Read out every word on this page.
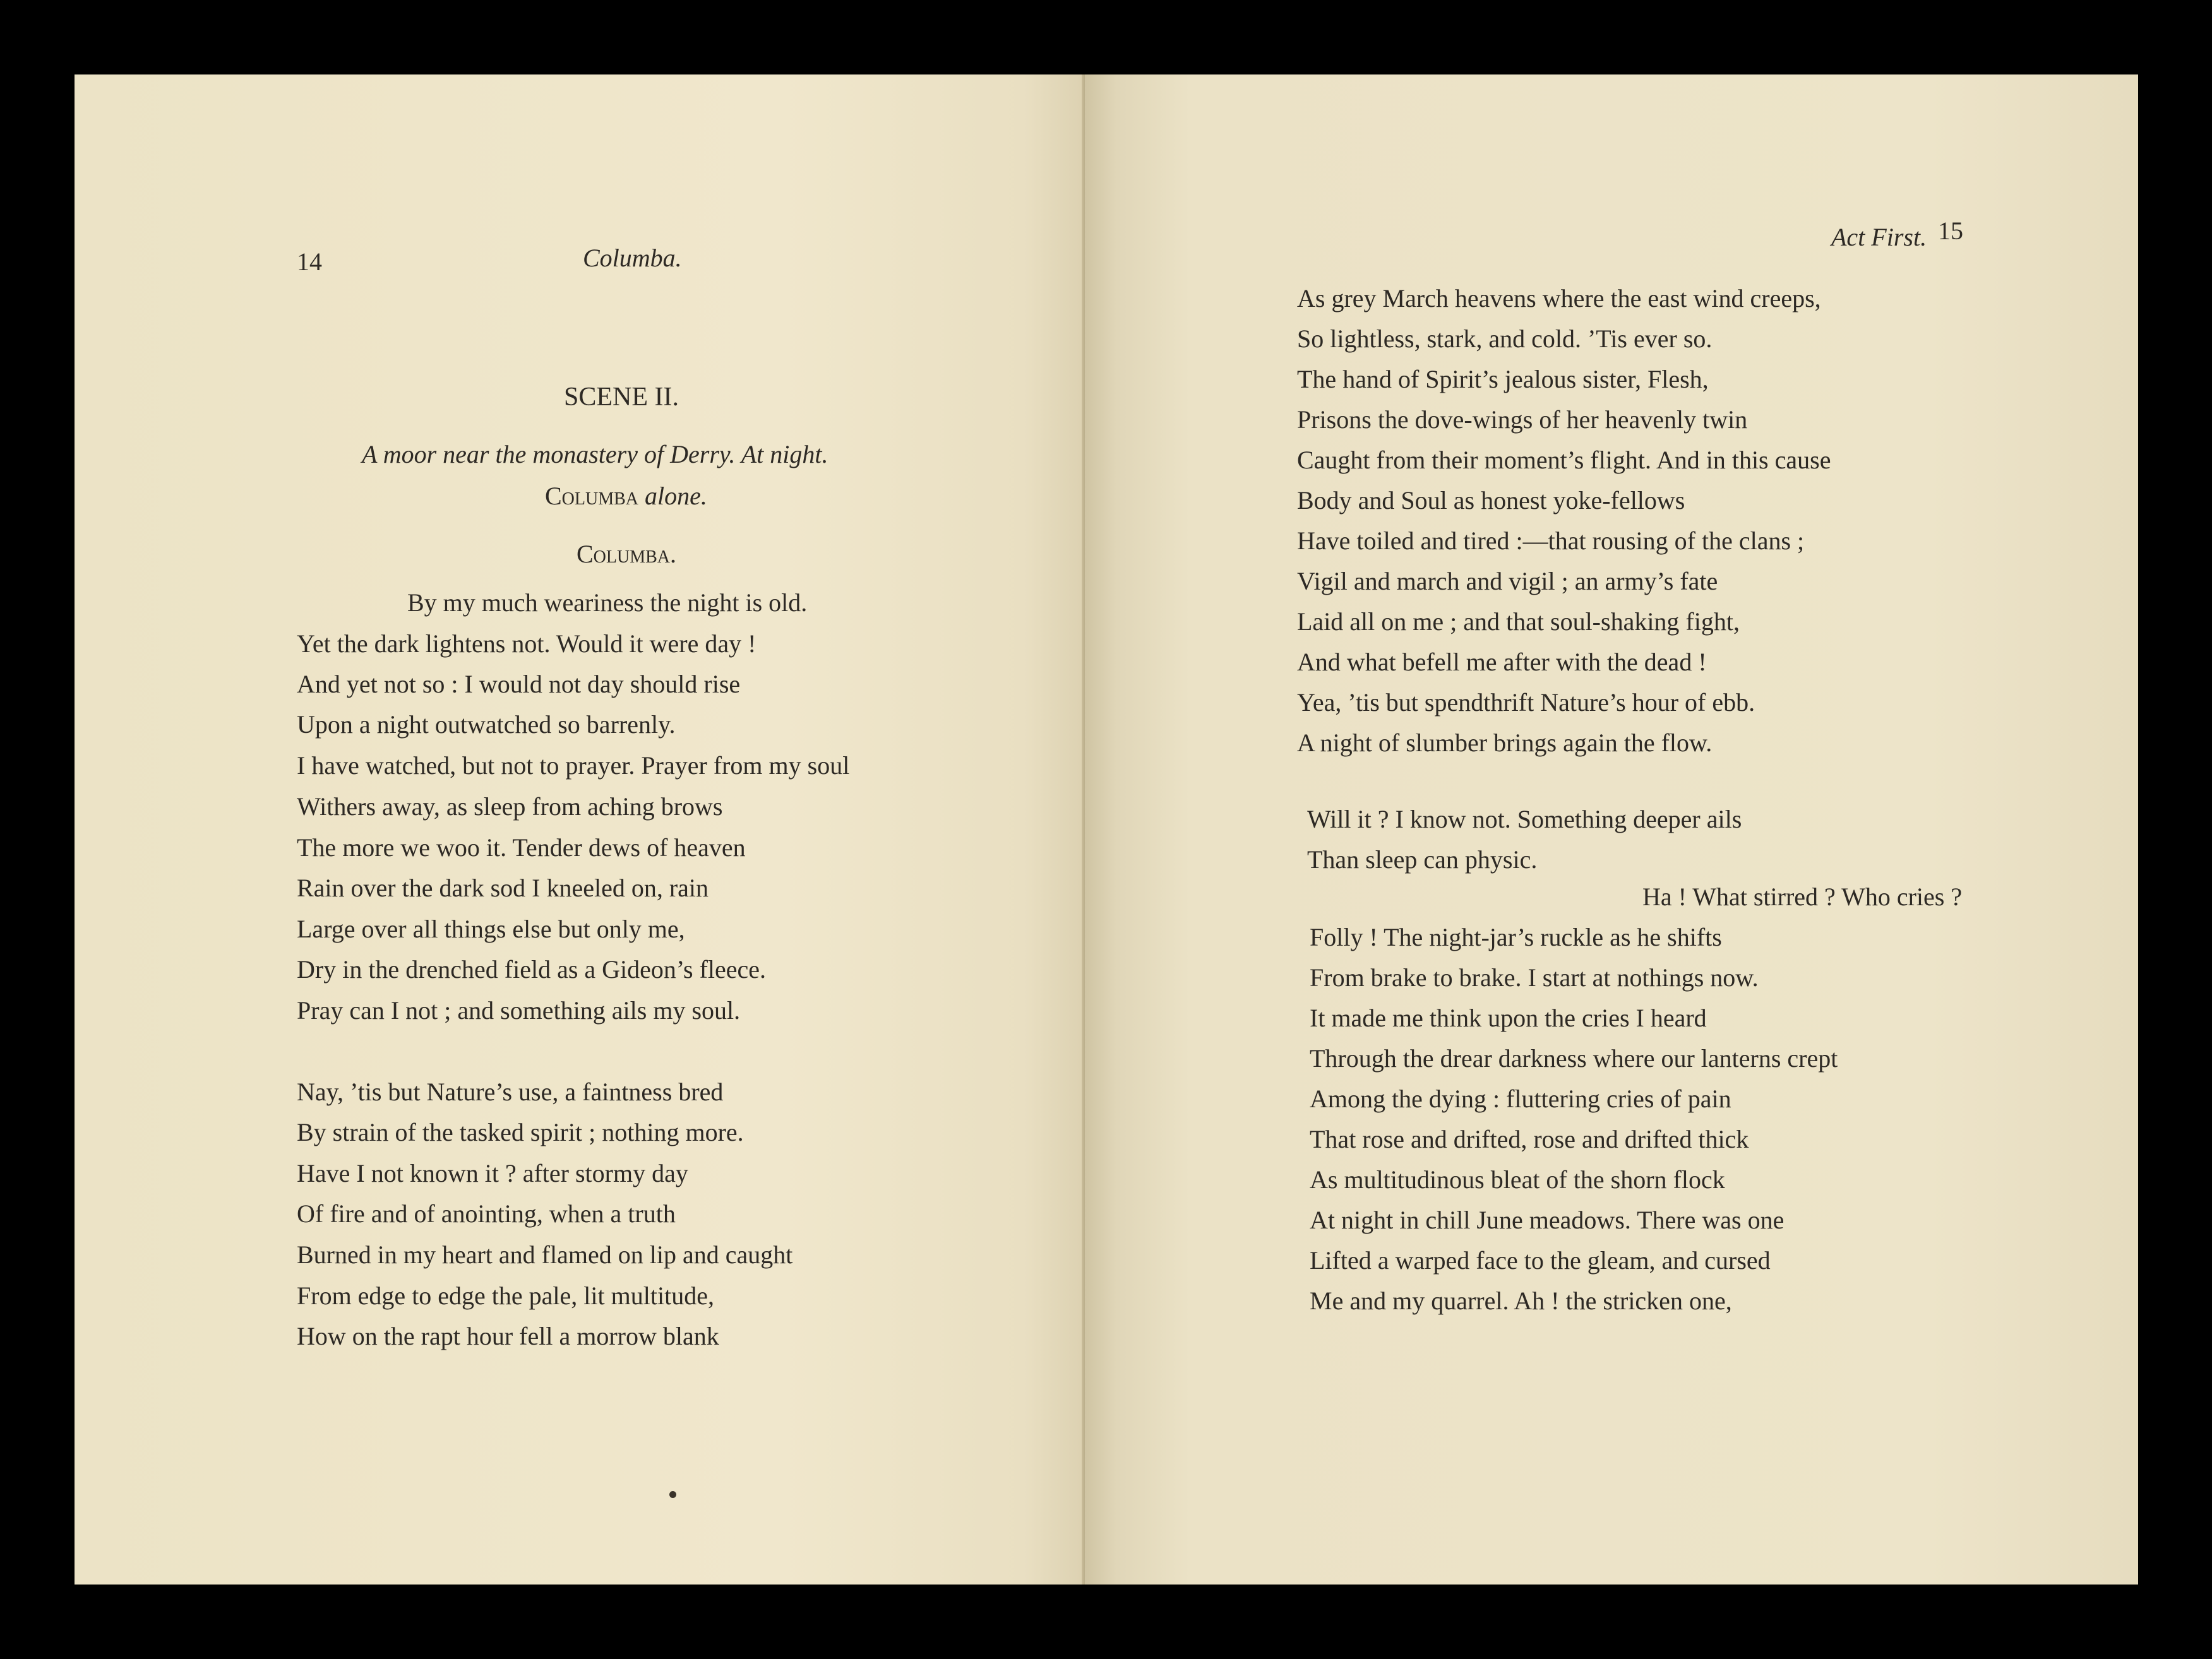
14	Columba.
SCENE II.
A moor near the monastery of Derry. At night.
Columba alone.
Columba.
By my much weariness the night is old.
Yet the dark lightens not. Would it were day !
And yet not so : I would not day should rise
Upon a night outwatched so barrenly.
I have watched, but not to prayer. Prayer from my soul
Withers away, as sleep from aching brows
The more we woo it. Tender dews of heaven
Rain over the dark sod I kneeled on, rain
Large over all things else but only me,
Dry in the drenched field as a Gideon’s fleece.
Pray can I not ; and something ails my soul.
Nay, ’tis but Nature’s use, a faintness bred
By strain of the tasked spirit ; nothing more.
Have I not known it ? after stormy day
Of fire and of anointing, when a truth
Burned in my heart and flamed on lip and caught
From edge to edge the pale, lit multitude,
How on the rapt hour fell a morrow blank
Act First. 15
As grey March heavens where the east wind creeps,
So lightless, stark, and cold. ’Tis ever so.
The hand of Spirit’s jealous sister, Flesh,
Prisons the dove-wings of her heavenly twin
Caught from their moment’s flight. And in this cause
Body and Soul as honest yoke-fellows
Have toiled and tired :—that rousing of the clans ;
Vigil and march and vigil ; an army’s fate
Laid all on me ; and that soul-shaking fight,
And what befell me after with the dead !
Yea, ’tis but spendthrift Nature’s hour of ebb.
A night of slumber brings again the flow.
Will it ? I know not. Something deeper ails
Than sleep can physic.
Ha ! What stirred ? Who cries ?
Folly ! The night-jar’s ruckle as he shifts
From brake to brake. I start at nothings now.
It made me think upon the cries I heard
Through the drear darkness where our lanterns crept
Among the dying : fluttering cries of pain
That rose and drifted, rose and drifted thick
As multitudinous bleat of the shorn flock
At night in chill June meadows. There was one
Lifted a warped face to the gleam, and cursed
Me and my quarrel. Ah ! the stricken one,
